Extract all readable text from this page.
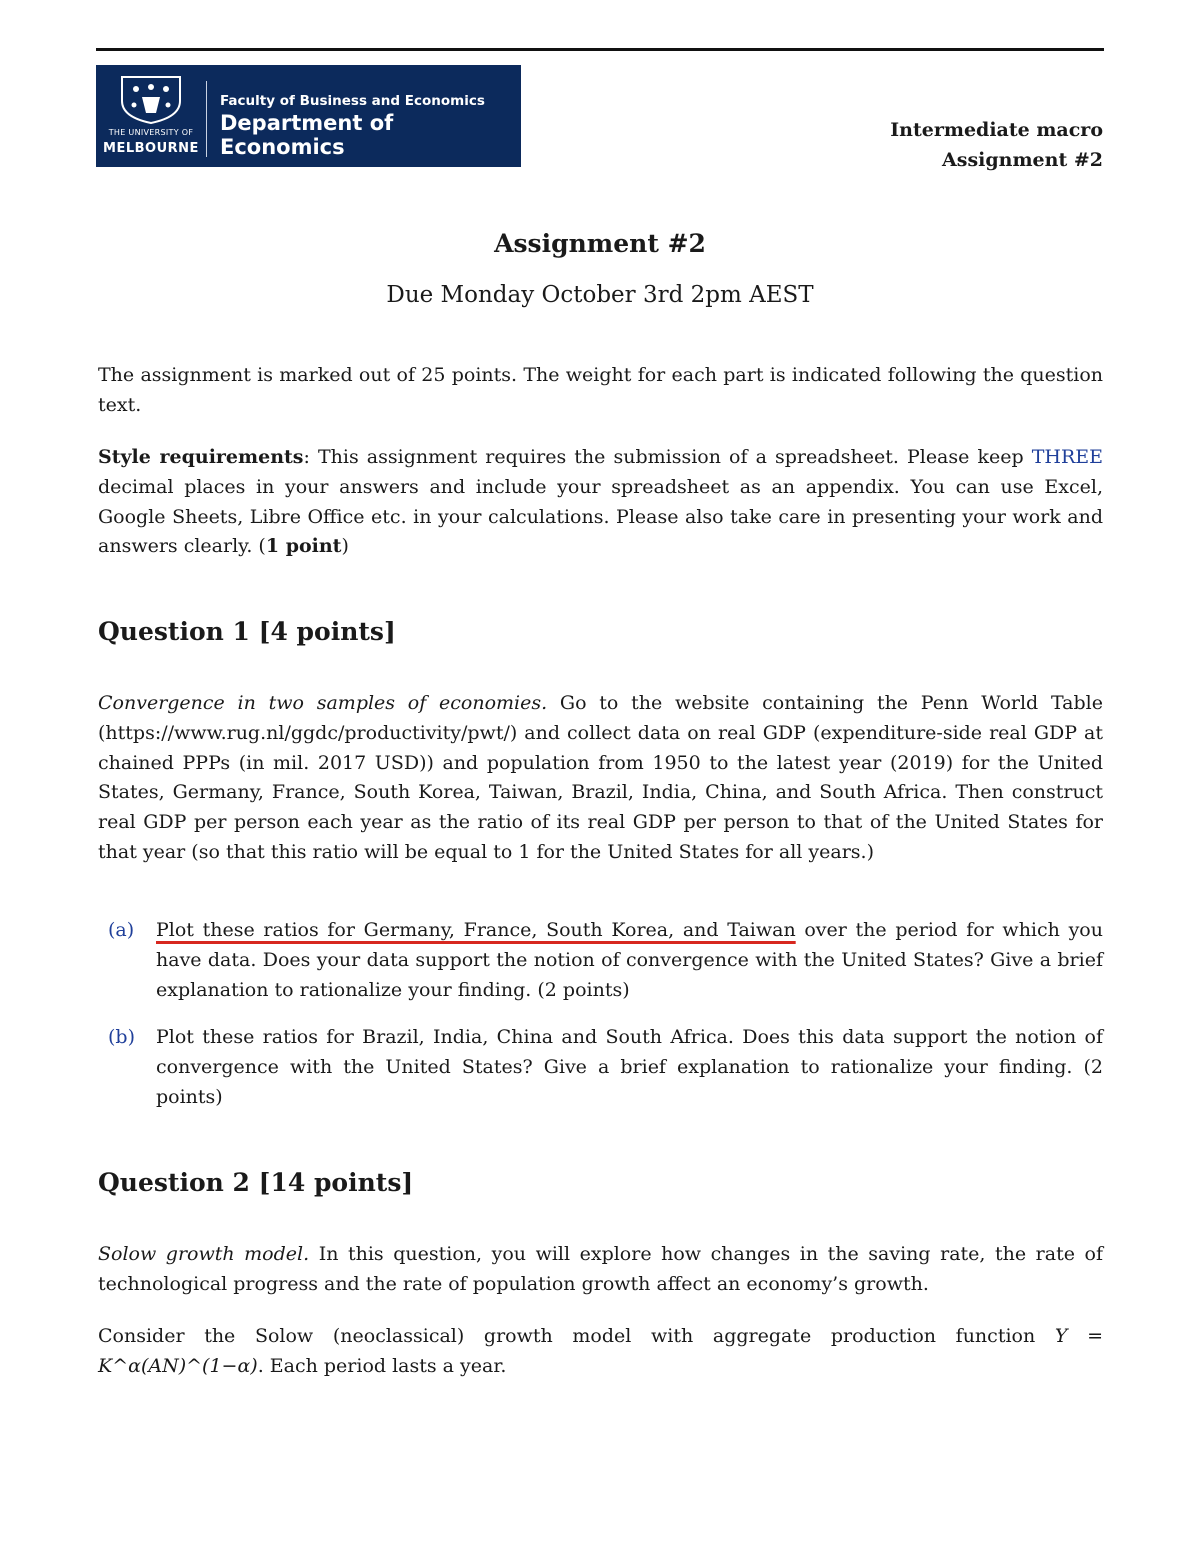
THE UNIVERSITY OF
MELBOURNE
Faculty of Business and Economics
Department of Economics
Intermediate macro
Assignment #2
Assignment #2
Due Monday October 3rd 2pm AEST

The assignment is marked out of 25 points. The weight for each part is indicated following the question text.

Style requirements: This assignment requires the submission of a spreadsheet. Please keep THREE decimal places in your answers and include your spreadsheet as an appendix. You can use Excel, Google Sheets, Libre Office etc. in your calculations. Please also take care in presenting your work and answers clearly. (1 point)

Question 1 [4 points]

Convergence in two samples of economies. Go to the website containing the Penn World Table (https://www.rug.nl/ggdc/productivity/pwt/) and collect data on real GDP (expenditure-side real GDP at chained PPPs (in mil. 2017 USD)) and population from 1950 to the latest year (2019) for the United States, Germany, France, South Korea, Taiwan, Brazil, India, China, and South Africa. Then construct real GDP per person each year as the ratio of its real GDP per person to that of the United States for that year (so that this ratio will be equal to 1 for the United States for all years.)

(a) Plot these ratios for Germany, France, South Korea, and Taiwan over the period for which you have data. Does your data support the notion of convergence with the United States? Give a brief explanation to rationalize your finding. (2 points)
(b) Plot these ratios for Brazil, India, China and South Africa. Does this data support the notion of convergence with the United States? Give a brief explanation to rationalize your finding. (2 points)
Question 2 [14 points]

Solow growth model. In this question, you will explore how changes in the saving rate, the rate of technological progress and the rate of population growth affect an economy’s growth.

Consider the Solow (neoclassical) growth model with aggregate production function Y = K^α(AN)^(1−α). Each period lasts a year.
